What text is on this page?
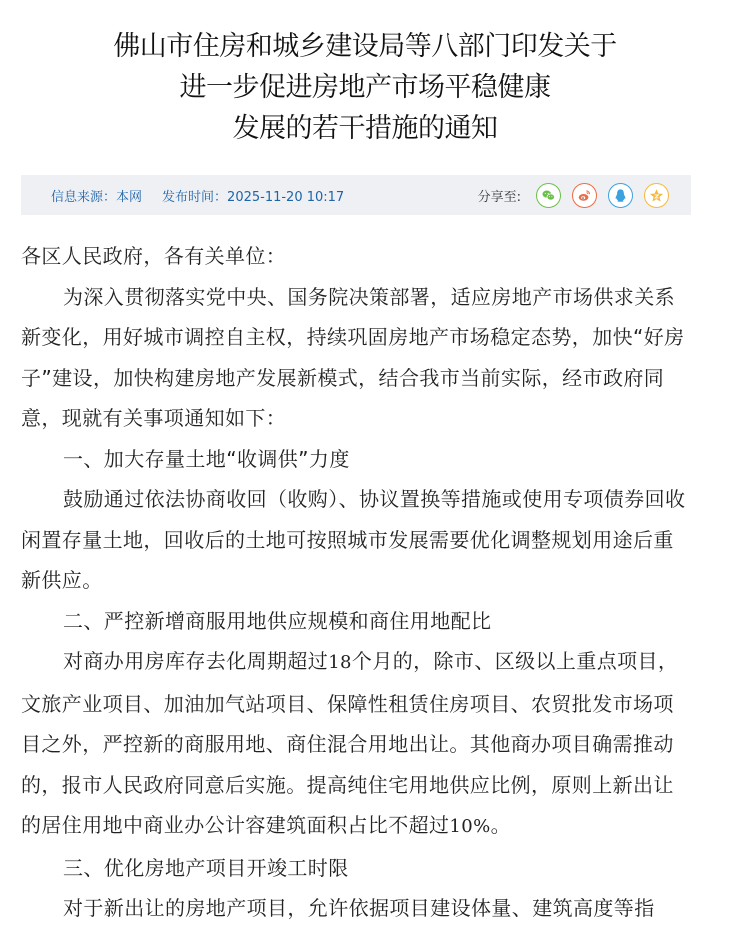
佛山市住房和城乡建设局等八部门印发关于
进一步促进房地产市场平稳健康
发展的若干措施的通知
信息来源：本网 发布时间：2025-11-20 10:17	分享至:

各区人民政府，各有关单位：

为深入贯彻落实党中央、国务院决策部署，适应房地产市场供求关系新变化，用好城市调控自主权，持续巩固房地产市场稳定态势，加快“好房子”建设，加快构建房地产发展新模式，结合我市当前实际，经市政府同意，现就有关事项通知如下：

一、加大存量土地“收调供”力度

鼓励通过依法协商收回（收购）、协议置换等措施或使用专项债券回收闲置存量土地，回收后的土地可按照城市发展需要优化调整规划用途后重新供应。

二、严控新增商服用地供应规模和商住用地配比

对商办用房库存去化周期超过18个月的，除市、区级以上重点项目，文旅产业项目、加油加气站项目、保障性租赁住房项目、农贸批发市场项目之外，严控新的商服用地、商住混合用地出让。其他商办项目确需推动的，报市人民政府同意后实施。提高纯住宅用地供应比例，原则上新出让的居住用地中商业办公计容建筑面积占比不超过10%。

三、优化房地产项目开竣工时限

对于新出让的房地产项目，允许依据项目建设体量、建筑高度等指
